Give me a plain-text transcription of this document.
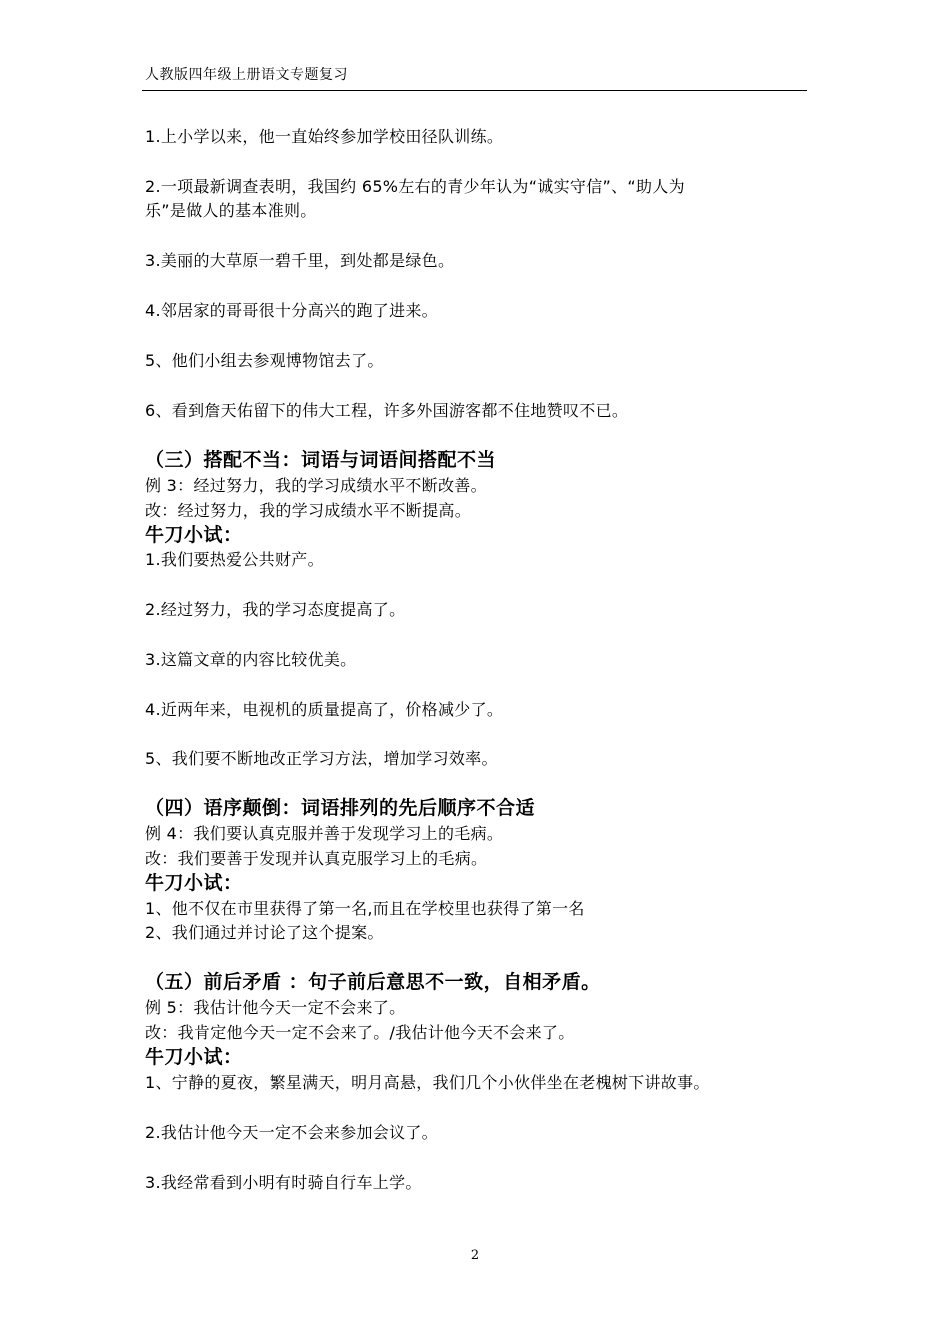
人教版四年级上册语文专题复习
1.上小学以来，他一直始终参加学校田径队训练。
2.一项最新调查表明，我国约 65%左右的青少年认为“诚实守信”、“助人为
乐”是做人的基本准则。
3.美丽的大草原一碧千里，到处都是绿色。
4.邻居家的哥哥很十分高兴的跑了进来。
5、他们小组去参观博物馆去了。
6、看到詹天佑留下的伟大工程，许多外国游客都不住地赞叹不已。
（三）搭配不当：词语与词语间搭配不当
例 3：经过努力，我的学习成绩水平不断改善。
改：经过努力，我的学习成绩水平不断提高。
牛刀小试：
1.我们要热爱公共财产。
2.经过努力，我的学习态度提高了。
3.这篇文章的内容比较优美。
4.近两年来，电视机的质量提高了，价格减少了。
5、我们要不断地改正学习方法，增加学习效率。
（四）语序颠倒：词语排列的先后顺序不合适
例 4：我们要认真克服并善于发现学习上的毛病。
改：我们要善于发现并认真克服学习上的毛病。
牛刀小试：
1、他不仅在市里获得了第一名,而且在学校里也获得了第一名
2、我们通过并讨论了这个提案。
（五）前后矛盾 ：句子前后意思不一致，自相矛盾。
例 5：我估计他今天一定不会来了。
改：我肯定他今天一定不会来了。/我估计他今天不会来了。
牛刀小试：
1、宁静的夏夜，繁星满天，明月高悬，我们几个小伙伴坐在老槐树下讲故事。
2.我估计他今天一定不会来参加会议了。
3.我经常看到小明有时骑自行车上学。
2
